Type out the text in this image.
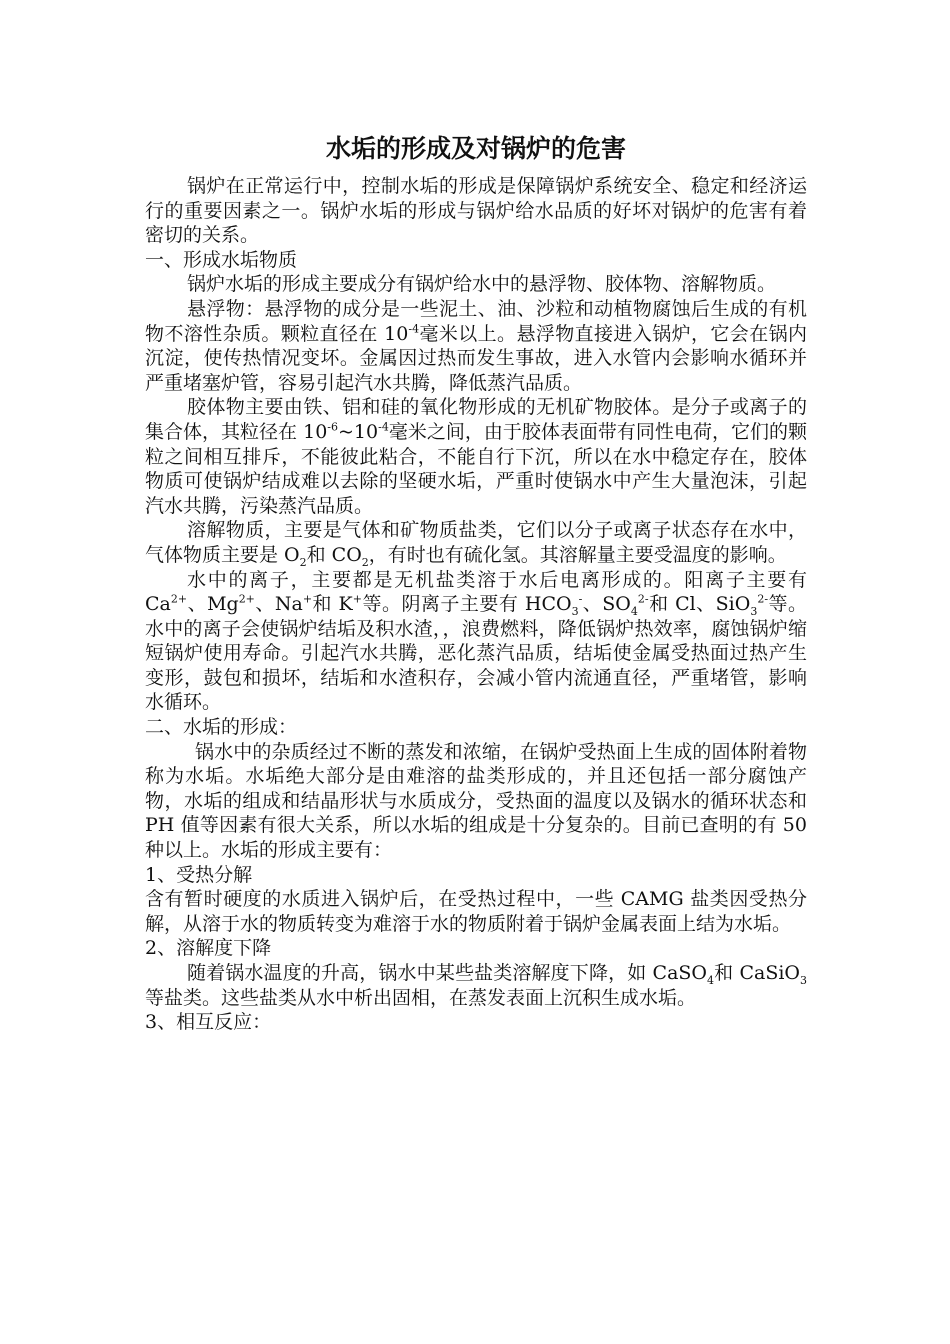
水垢的形成及对锅炉的危害

锅炉在正常运行中，控制水垢的形成是保障锅炉系统安全、稳定和经济运行的重要因素之一。锅炉水垢的形成与锅炉给水品质的好坏对锅炉的危害有着密切的关系。

一、形成水垢物质

锅炉水垢的形成主要成分有锅炉给水中的悬浮物、胶体物、溶解物质。

悬浮物：悬浮物的成分是一些泥土、油、沙粒和动植物腐蚀后生成的有机物不溶性杂质。颗粒直径在 $10^{-4}$毫米以上。悬浮物直接进入锅炉，它会在锅内沉淀，使传热情况变坏。金属因过热而发生事故，进入水管内会影响水循环并严重堵塞炉管，容易引起汽水共腾，降低蒸汽品质。

胶体物主要由铁、铝和硅的氧化物形成的无机矿物胶体。是分子或离子的集合体，其粒径在 $10^{-6}\sim 10^{-4}$毫米之间，由于胶体表面带有同性电荷，它们的颗粒之间相互排斥，不能彼此粘合，不能自行下沉，所以在水中稳定存在，胶体物质可使锅炉结成难以去除的坚硬水垢，严重时使锅水中产生大量泡沫，引起汽水共腾，污染蒸汽品质。

溶解物质，主要是气体和矿物质盐类，它们以分子或离子状态存在水中，气体物质主要是 $O_2$和 $CO_2$，有时也有硫化氢。其溶解量主要受温度的影响。

水中的离子，主要都是无机盐类溶于水后电离形成的。阳离子主要有 $Ca^{2+}$、$Mg^{2+}$、Na+和 K+等。阴离子主要有 $HCO_3^-$、$SO_4^{2-}$和 Cl、SiO$_3^{2-}$等。水中的离子会使锅炉结垢及积水渣，，浪费燃料，降低锅炉热效率，腐蚀锅炉缩短锅炉使用寿命。引起汽水共腾，恶化蒸汽品质，结垢使金属受热面过热产生变形，鼓包和损坏，结垢和水渣积存，会减小管内流通直径，严重堵管，影响水循环。

二、水垢的形成：

锅水中的杂质经过不断的蒸发和浓缩，在锅炉受热面上生成的固体附着物称为水垢。水垢绝大部分是由难溶的盐类形成的，并且还包括一部分腐蚀产物，水垢的组成和结晶形状与水质成分，受热面的温度以及锅水的循环状态和 PH 值等因素有很大关系，所以水垢的组成是十分复杂的。目前已查明的有 50 种以上。水垢的形成主要有：

1、受热分解

含有暂时硬度的水质进入锅炉后，在受热过程中，一些 CAMG 盐类因受热分解，从溶于水的物质转变为难溶于水的物质附着于锅炉金属表面上结为水垢。

2、溶解度下降

随着锅水温度的升高，锅水中某些盐类溶解度下降，如 CaSO$_4$和 CaSiO$_3$等盐类。这些盐类从水中析出固相，在蒸发表面上沉积生成水垢。

3、相互反应：
